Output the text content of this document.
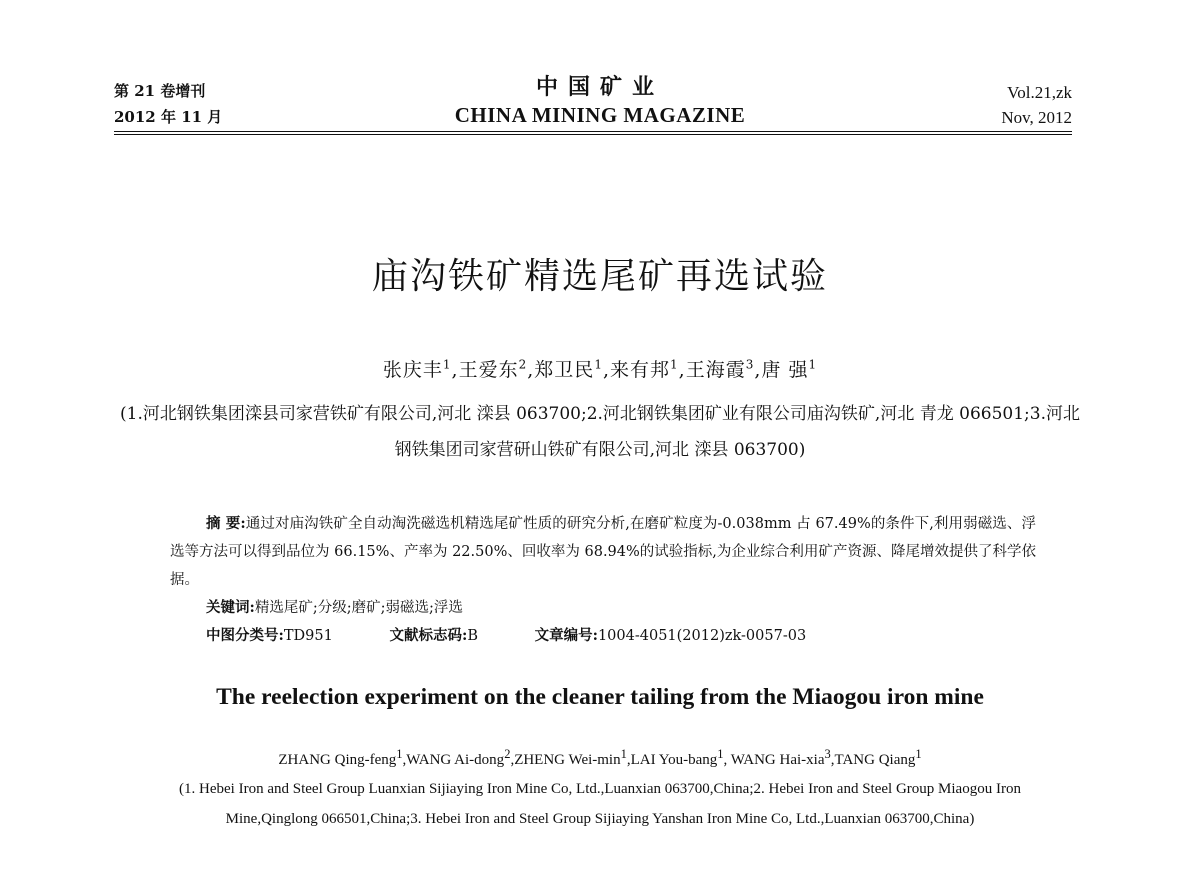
第 21 卷增刊
2012 年 11 月
中国矿业
CHINA MINING MAGAZINE
Vol.21,zk
Nov, 2012
庙沟铁矿精选尾矿再选试验
张庆丰$^1$,王爱东$^2$,郑卫民$^1$,来有邦$^1$,王海霞$^3$,唐 强$^1$
(1.河北钢铁集团滦县司家营铁矿有限公司,河北 滦县 063700;2.河北钢铁集团矿业有限公司庙沟铁矿,河北 青龙 066501;3.河北钢铁集团司家营研山铁矿有限公司,河北 滦县 063700)
摘 要:通过对庙沟铁矿全自动淘洗磁选机精选尾矿性质的研究分析,在磨矿粒度为-0.038mm 占 67.49%的条件下,利用弱磁选、浮选等方法可以得到品位为 66.15%、产率为 22.50%、回收率为 68.94%的试验指标,为企业综合利用矿产资源、降尾增效提供了科学依据。
关键词:精选尾矿;分级;磨矿;弱磁选;浮选
中图分类号:TD951	文献标志码:B	文章编号:1004-4051(2012)zk-0057-03
The reelection experiment on the cleaner tailing from the Miaogou iron mine
ZHANG Qing-feng$^1$,WANG Ai-dong$^2$,ZHENG Wei-$\min^1,LAI$ You-bang$^1$, WANG Hai-xia$^3$,TANG Qiang$^1$
(1. Hebei Iron and Steel Group Luanxian Sijiaying Iron Mine Co, Ltd.,Luanxian 063700,China;2. Hebei Iron and Steel Group Miaogou Iron Mine,Qinglong 066501,China;3. Hebei Iron and Steel Group Sijiaying Yanshan Iron Mine Co, Ltd.,Luanxian 063700,China)
